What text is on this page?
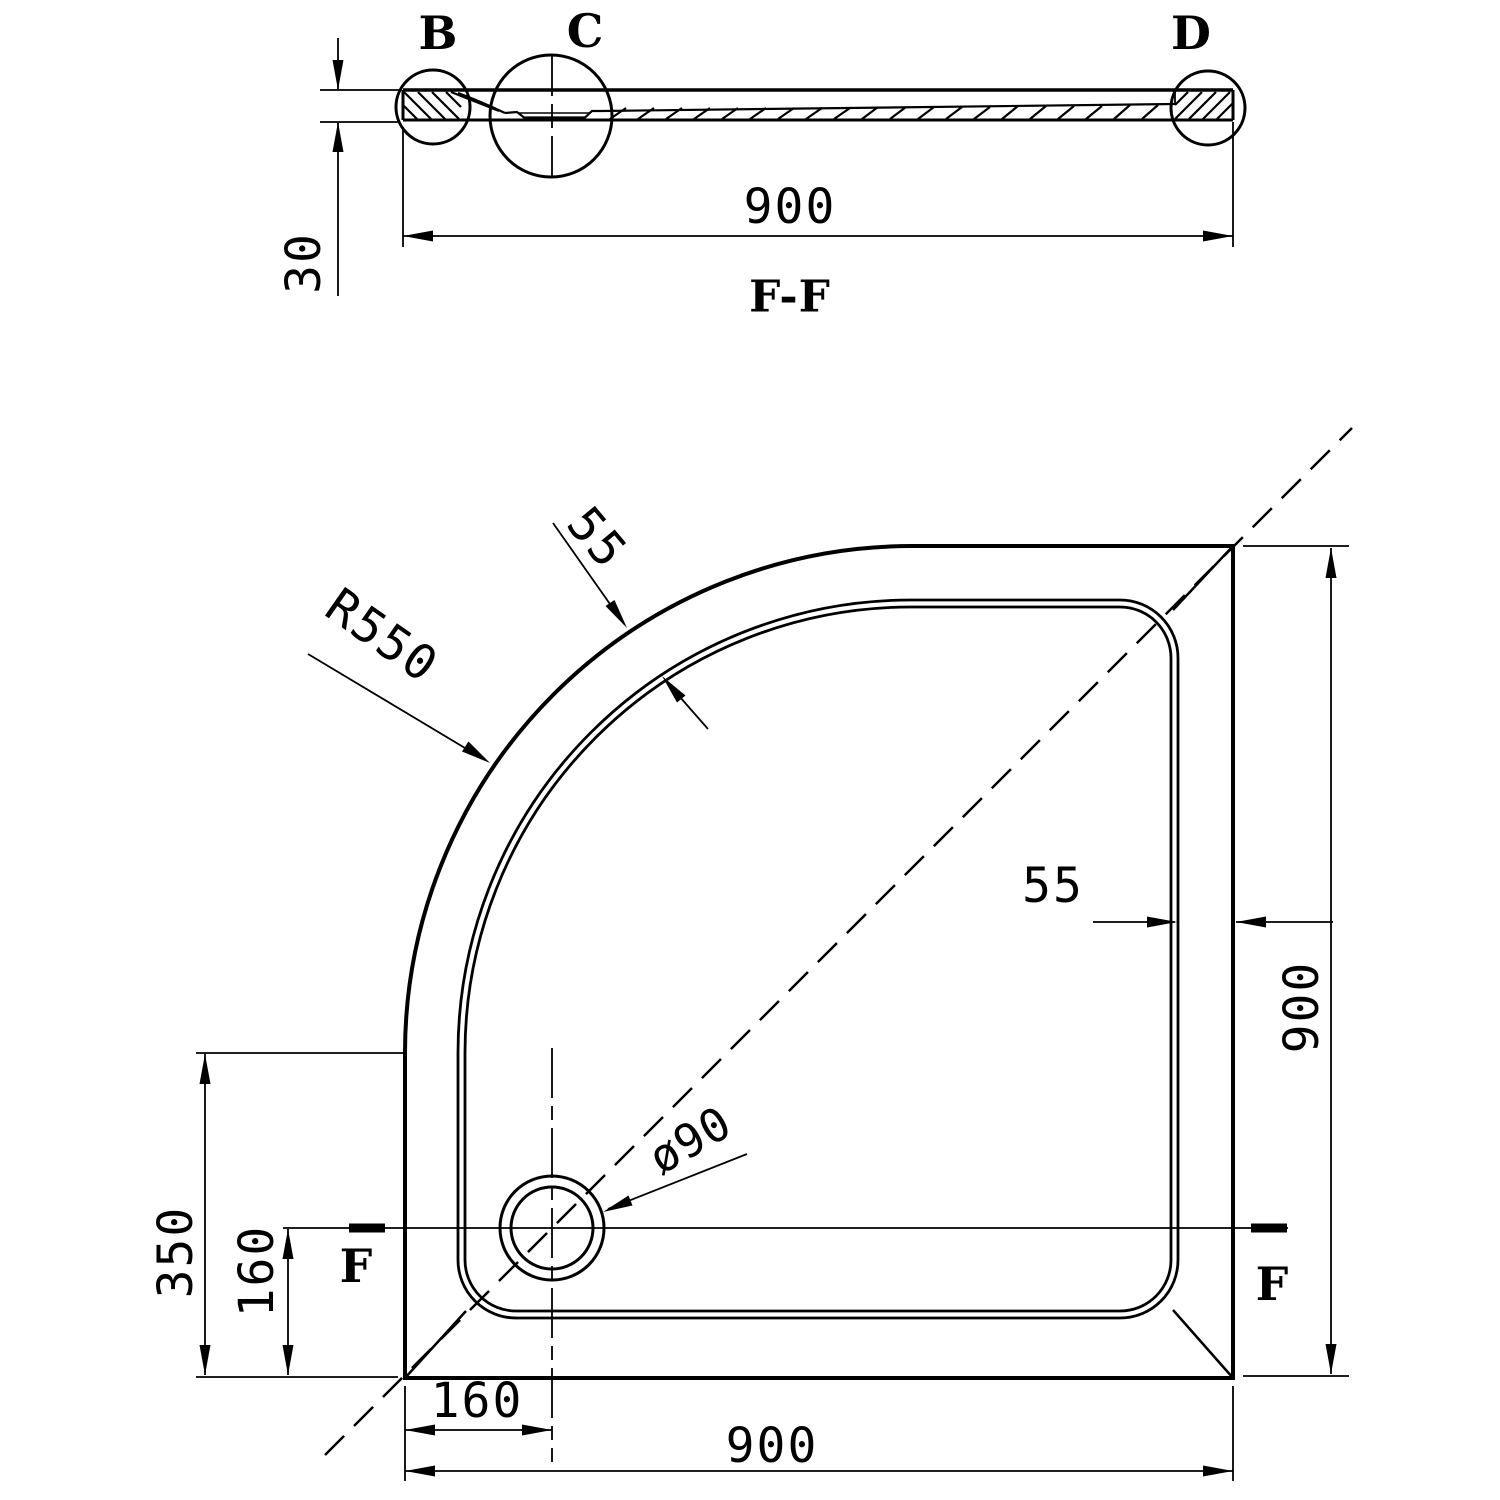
B C	D
900
F-F
30
R550
55
55
900
350 160
160
900
ø90
F	F
